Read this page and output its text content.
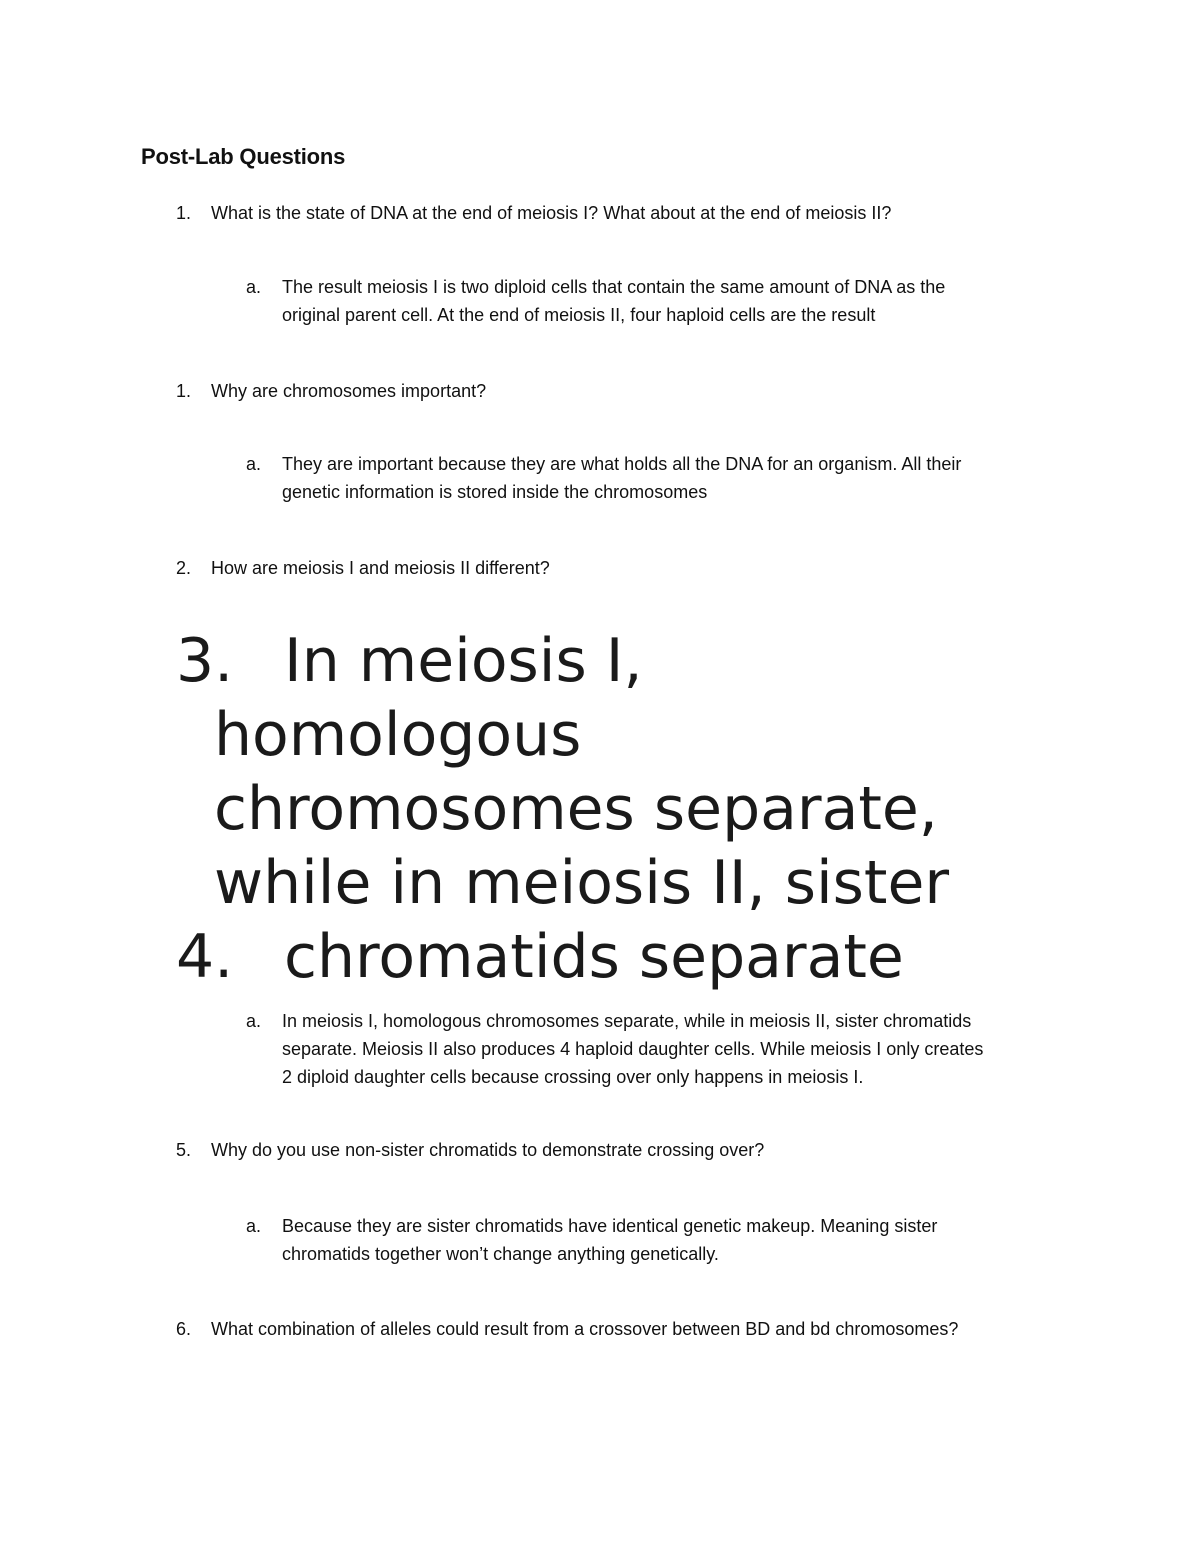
Post-Lab Questions
1.	What is the state of DNA at the end of meiosis I? What about at the end of meiosis II?
a. The result meiosis I is two diploid cells that contain the same amount of DNA as the
original parent cell. At the end of meiosis II, four haploid cells are the result
1.	Why are chromosomes important?
a. They are important because they are what holds all the DNA for an organism. All their
genetic information is stored inside the chromosomes
2.	How are meiosis I and meiosis II different?
3. In meiosis I,
homologous
chromosomes separate,
while in meiosis II, sister
4. chromatids separate
a. In meiosis I, homologous chromosomes separate, while in meiosis II, sister chromatids
separate. Meiosis II also produces 4 haploid daughter cells. While meiosis I only creates
2 diploid daughter cells because crossing over only happens in meiosis I.
5.	Why do you use non-sister chromatids to demonstrate crossing over?
a. Because they are sister chromatids have identical genetic makeup. Meaning sister
chromatids together won’t change anything genetically.
6.	What combination of alleles could result from a crossover between BD and bd chromosomes?
